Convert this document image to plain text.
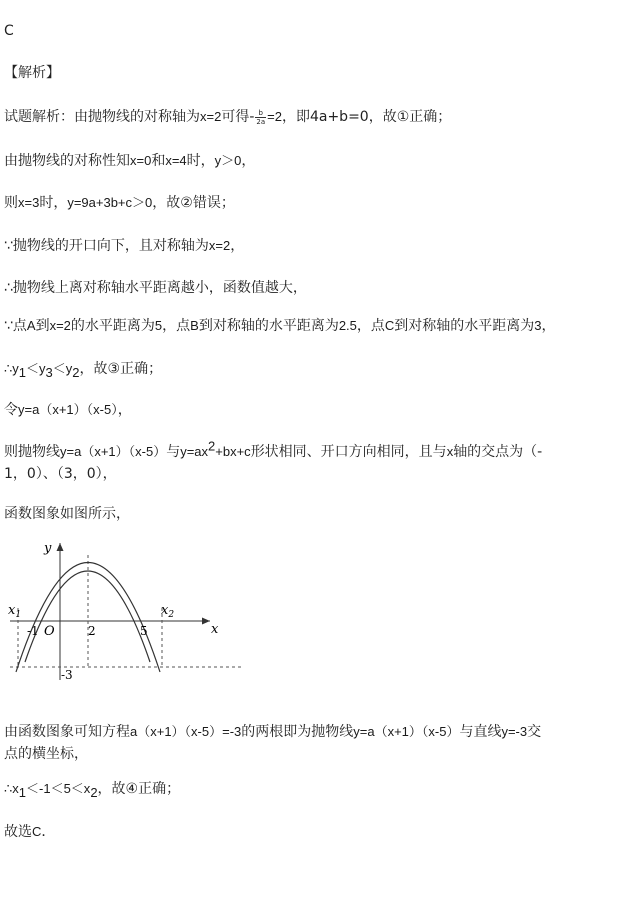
C
【解析】
试题解析：由抛物线的对称轴为x=2可得- $\frac{b}{2a} =2$，即4a+b=0，故①正确；
由抛物线的对称性知x=0和x=4时，y＞0，
则x=3时，y=9a+3b+c＞0，故②错误；
∵抛物线的开口向下，且对称轴为x=2，
∴抛物线上离对称轴水平距离越小，函数值越大，
∵点A到x=2的水平距离为5，点B到对称轴的水平距离为2.5，点C到对称轴的水平距离为3，
$\therefore y_1<y_3<y_2$，故③正确；
令y=a（x+1）（x-5），
则抛物线y=a（x+1）（x-5）与$y=ax^2+bx+c$形状相同、开口方向相同，且与x轴的交点为（-
1，0）、（3，0），
函数图象如图所示，
y
x
O
$x_1$	$x_2$
-1	2	5
-3
由函数图象可知方程a（x+1）（x-5）=-3的两根即为抛物线y=a（x+1）（x-5）与直线y=-3交
点的横坐标，
$\therefore x_1<-1<5<x_2$，故④正确；
故选C．
